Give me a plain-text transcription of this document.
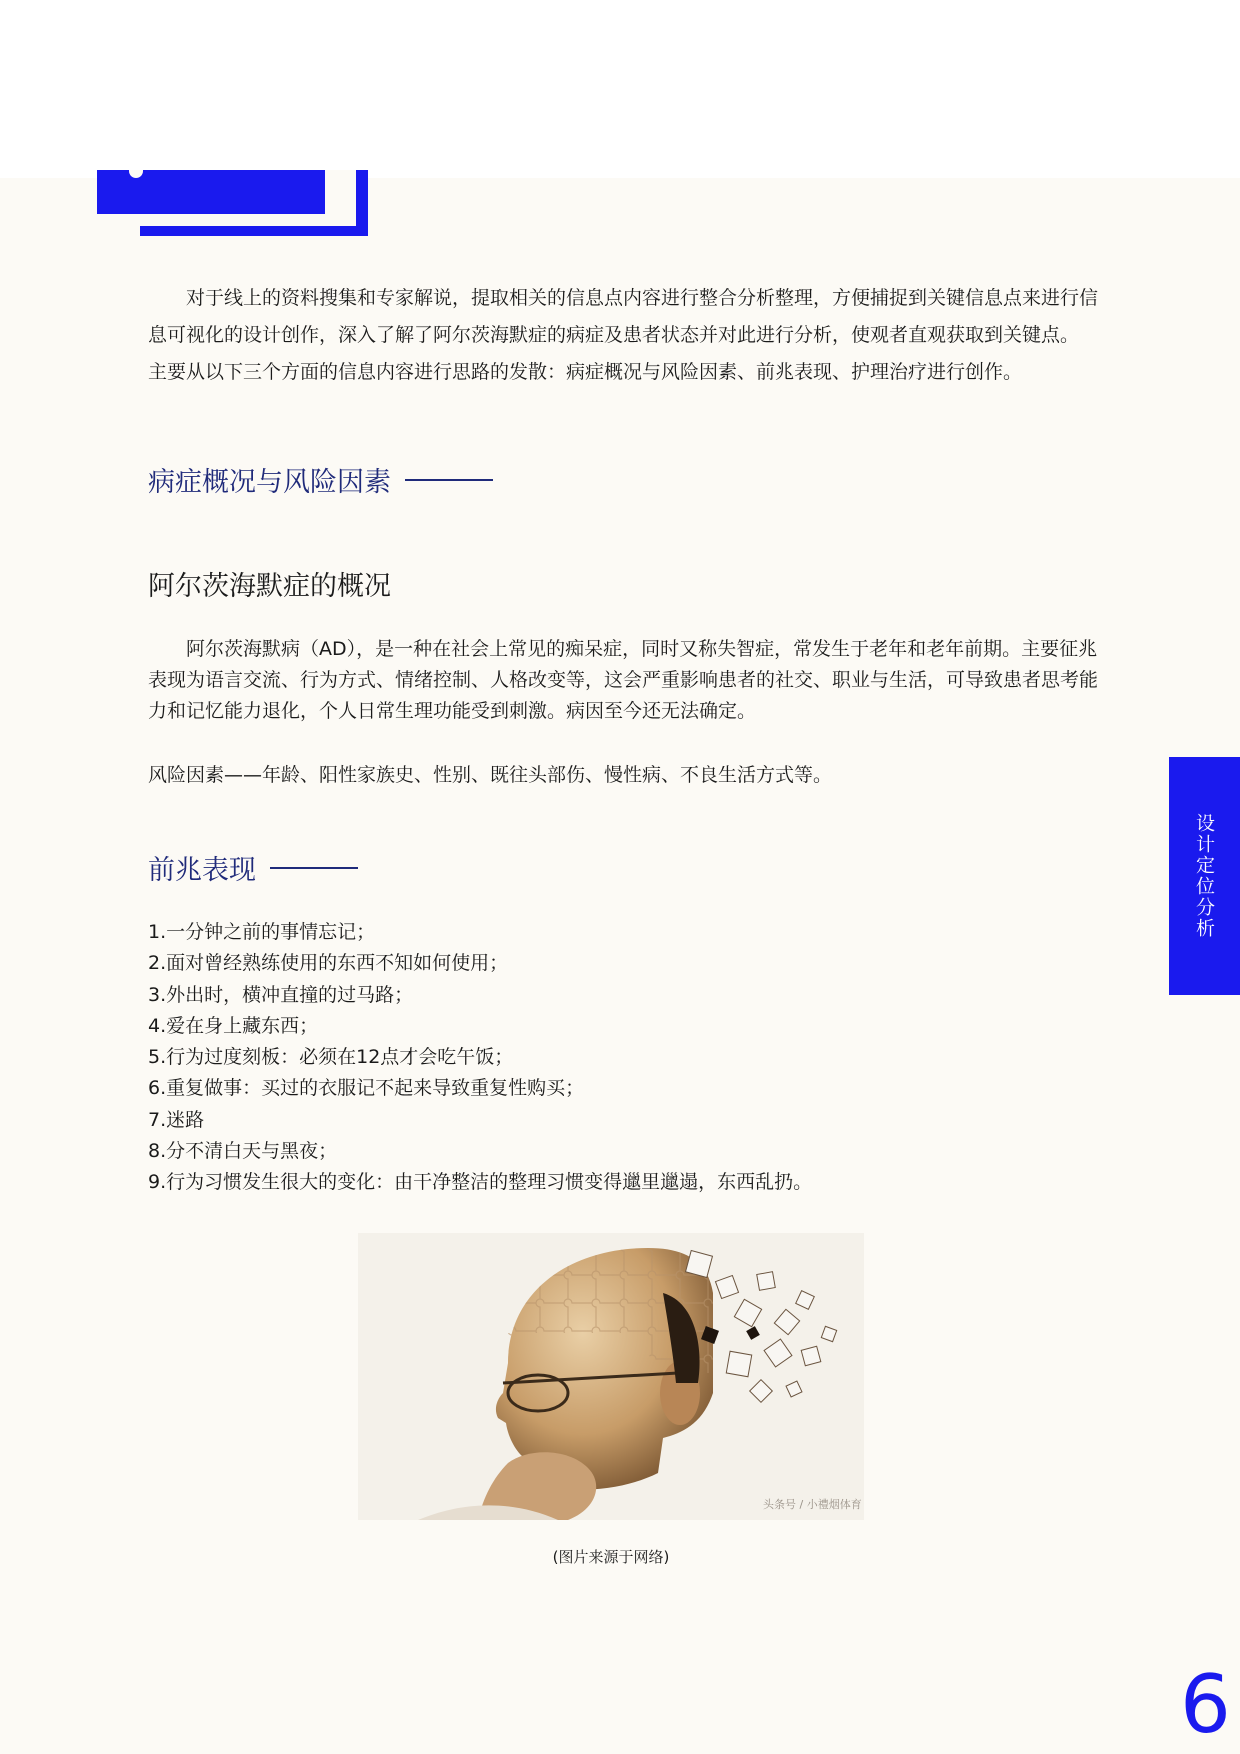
对于线上的资料搜集和专家解说，提取相关的信息点内容进行整合分析整理，方便捕捉到关键信息点来进行信息可视化的设计创作，深入了解了阿尔茨海默症的病症及患者状态并对此进行分析，使观者直观获取到关键点。

主要从以下三个方面的信息内容进行思路的发散：病症概况与风险因素、前兆表现、护理治疗进行创作。

病症概况与风险因素
阿尔茨海默症的概况

阿尔茨海默病（AD），是一种在社会上常见的痴呆症，同时又称失智症，常发生于老年和老年前期。主要征兆表现为语言交流、行为方式、情绪控制、人格改变等，这会严重影响患者的社交、职业与生活，可导致患者思考能力和记忆能力退化，个人日常生理功能受到刺激。病因至今还无法确定。

风险因素——年龄、阳性家族史、性别、既往头部伤、慢性病、不良生活方式等。
前兆表现
1.一分钟之前的事情忘记；
2.面对曾经熟练使用的东西不知如何使用；
3.外出时，横冲直撞的过马路；
4.爱在身上藏东西；
5.行为过度刻板：必须在12点才会吃午饭；
6.重复做事：买过的衣服记不起来导致重复性购买；
7.迷路
8.分不清白天与黑夜；
9.行为习惯发生很大的变化：由干净整洁的整理习惯变得邋里邋遢，东西乱扔。
设计定位分析
头条号 / 小禮烟体育
(图片来源于网络)
6
